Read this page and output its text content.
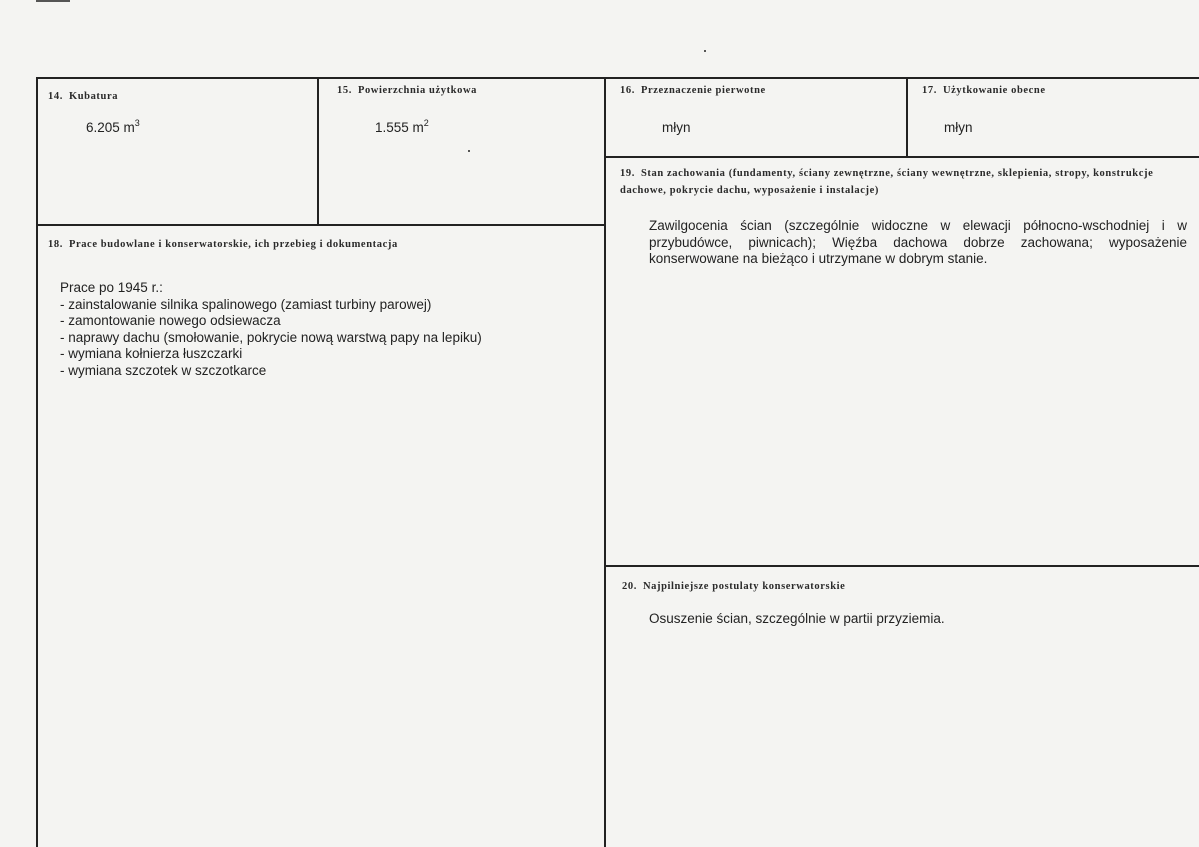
14. Kubatura
6.205 $m^3$
15. Powierzchnia użytkowa
1.555 $m^2$
16. Przeznaczenie pierwotne
młyn
17. Użytkowanie obecne
młyn
18. Prace budowlane i konserwatorskie, ich przebieg i dokumentacja
Prace po 1945 r.:
- zainstalowanie silnika spalinowego (zamiast turbiny parowej)
- zamontowanie nowego odsiewacza
- naprawy dachu (smołowanie, pokrycie nową warstwą papy na lepiku)
- wymiana kołnierza łuszczarki
- wymiana szczotek w szczotkarce
19. Stan zachowania (fundamenty, ściany zewnętrzne, ściany wewnętrzne, sklepienia, stropy, konstrukcje dachowe, pokrycie dachu, wyposażenie i instalacje)
Zawilgocenia ścian (szczególnie widoczne w elewacji północno-wschodniej i w przybudówce, piwnicach); Więźba dachowa dobrze zachowana; wyposażenie konserwowane na bieżąco i utrzymane w dobrym stanie.
20. Najpilniejsze postulaty konserwatorskie
Osuszenie ścian, szczególnie w partii przyziemia.
